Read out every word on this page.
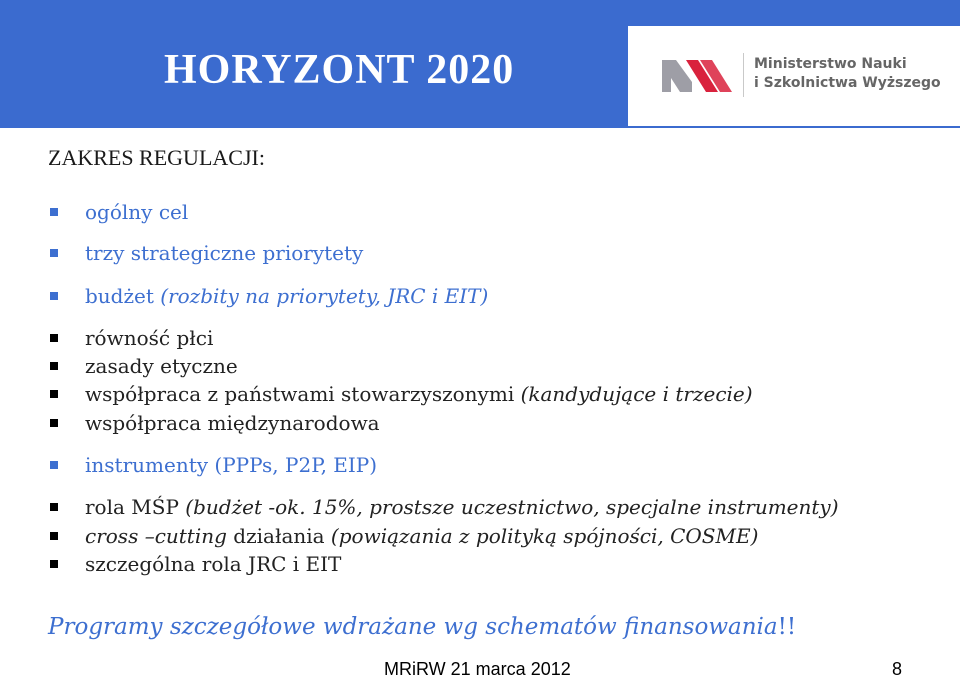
HORYZONT 2020	Ministerstwo Nauki
i Szkolnictwa Wyższego
ZAKRES REGULACJI:
ogólny cel
trzy strategiczne priorytety
budżet (rozbity na priorytety, JRC i EIT)
równość płci
zasady etyczne
współpraca z państwami stowarzyszonymi (kandydujące i trzecie)
współpraca międzynarodowa
instrumenty (PPPs, P2P, EIP)
rola MŚP (budżet -ok. 15%, prostsze uczestnictwo, specjalne instrumenty)
cross –cutting działania (powiązania z polityką spójności, COSME)
szczególna rola JRC i EIT

Programy szczegółowe wdrażane wg schematów finansowania!!

MRiRW 21 marca 2012	8
